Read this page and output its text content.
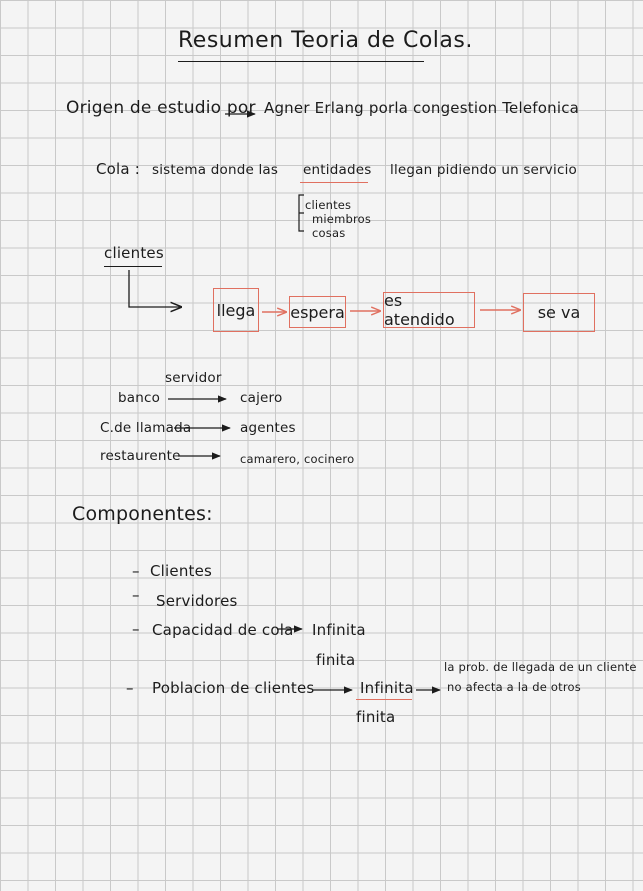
Resumen Teoria de Colas.
Origen de estudio por Agner Erlang porla congestion Telefonica
Cola : sistema donde las entidades llegan pidiendo un servicio
clientes
miembros
cosas
clientes
llega espera
es atendido	se va
servidor
banco	cajero
C.de llamada	agentes
restaurente	camarero, cocinero
Componentes:
– Clientes
– Servidores
– Capacidad de cola Infinita
finita
– Poblacion de clientes	Infinita
finita
la prob. de llegada de un cliente
no afecta a la de otros
